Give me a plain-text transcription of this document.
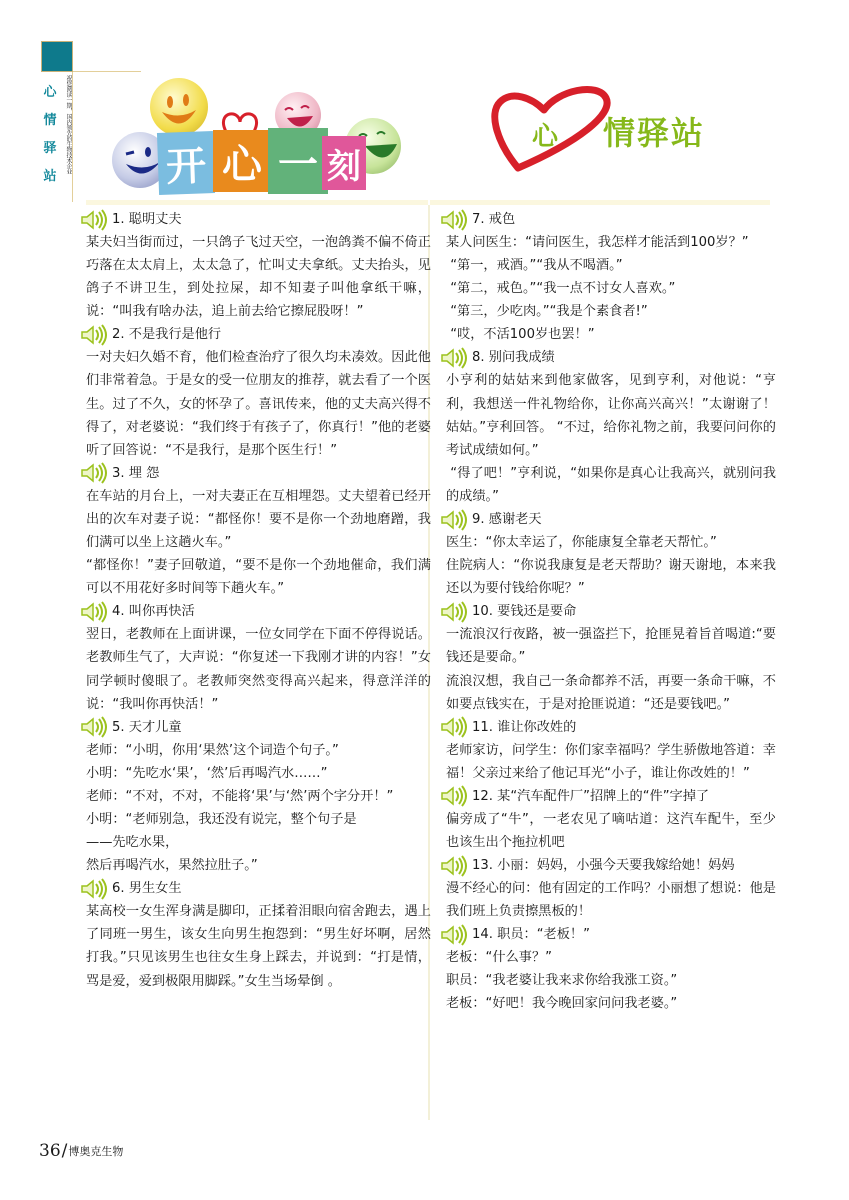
心
情
驿
站
祝您阅读一期，国内领先的生物技术企业 开 心 一 刻
心 情驿站
1. 聪明丈夫
某夫妇当街而过，一只鸽子飞过天空，一泡鸽粪不偏不倚正巧落在太太肩上，太太急了，忙叫丈夫拿纸。丈夫抬头，见鸽子不讲卫生，到处拉屎，却不知妻子叫他拿纸干嘛，说：“叫我有啥办法，追上前去给它擦屁股呀！”
2. 不是我行是他行
一对夫妇久婚不育，他们检查治疗了很久均未凑效。因此他们非常着急。于是女的受一位朋友的推荐，就去看了一个医生。过了不久，女的怀孕了。喜讯传来，他的丈夫高兴得不得了，对老婆说：“我们终于有孩子了，你真行！”他的老婆听了回答说：“不是我行，是那个医生行！”
3. 埋 怨
在车站的月台上，一对夫妻正在互相埋怨。丈夫望着已经开出的次车对妻子说：“都怪你！要不是你一个劲地磨蹭，我们满可以坐上这趟火车。”
“都怪你！”妻子回敬道，“要不是你一个劲地催命，我们满可以不用花好多时间等下趟火车。”
4. 叫你再快活
翌日，老教师在上面讲课，一位女同学在下面不停得说话。老教师生气了，大声说：“你复述一下我刚才讲的内容！”女同学顿时傻眼了。老教师突然变得高兴起来，得意洋洋的说：“我叫你再快活！”
5. 天才儿童
老师：“小明，你用‘果然’这个词造个句子。”
小明：“先吃水‘果’，‘然’后再喝汽水……”
老师：“不对，不对，不能将‘果’与‘然’两个字分开！”
小明：“老师别急，我还没有说完，整个句子是
——先吃水果，
然后再喝汽水，果然拉肚子。”
6. 男生女生
某高校一女生浑身满是脚印，正揉着泪眼向宿舍跑去，遇上了同班一男生，该女生向男生抱怨到：“男生好坏啊，居然打我。”只见该男生也往女生身上踩去，并说到：“打是情，骂是爱，爱到极限用脚踩。”女生当场晕倒 。
7. 戒色
某人问医生：“请问医生，我怎样才能活到100岁？”
“第一，戒酒。”“我从不喝酒。”
“第二，戒色。”“我一点不讨女人喜欢。”
“第三，少吃肉。”“我是个素食者!”
“哎，不活100岁也罢！”
8. 别问我成绩
小亨利的姑姑来到他家做客，见到亨利，对他说：“亨利，我想送一件礼物给你，让你高兴高兴！”太谢谢了！姑姑。”亨利回答。 “不过，给你礼物之前，我要问问你的考试成绩如何。”
“得了吧！”亨利说，“如果你是真心让我高兴，就别问我的成绩。”
9. 感谢老天
医生：“你太幸运了，你能康复全靠老天帮忙。”
住院病人：“你说我康复是老天帮助？谢天谢地，本来我还以为要付钱给你呢？”
10. 要钱还是要命
一流浪汉行夜路，被一强盗拦下，抢匪晃着旨首喝道:“要钱还是要命。”
流浪汉想，我自己一条命都养不活，再要一条命干嘛，不如要点钱实在，于是对抢匪说道：“还是要钱吧。”
11. 谁让你改姓的
老师家访，问学生：你们家幸福吗？学生骄傲地答道：幸福！父亲过来给了他记耳光“小子，谁让你改姓的！”
12. 某“汽车配件厂”招牌上的“件”字掉了
偏旁成了“牛”，一老农见了嘀咕道：这汽车配牛，至少也该生出个拖拉机吧
13. 小丽：妈妈，小强今天要我嫁给她！妈妈
漫不经心的问：他有固定的工作吗？小丽想了想说：他是我们班上负责擦黑板的！
14. 职员：“老板！”
老板：“什么事？”
职员：“我老婆让我来求你给我涨工资。”
老板：“好吧！我今晚回家问问我老婆。”
36 / 博奥克生物
